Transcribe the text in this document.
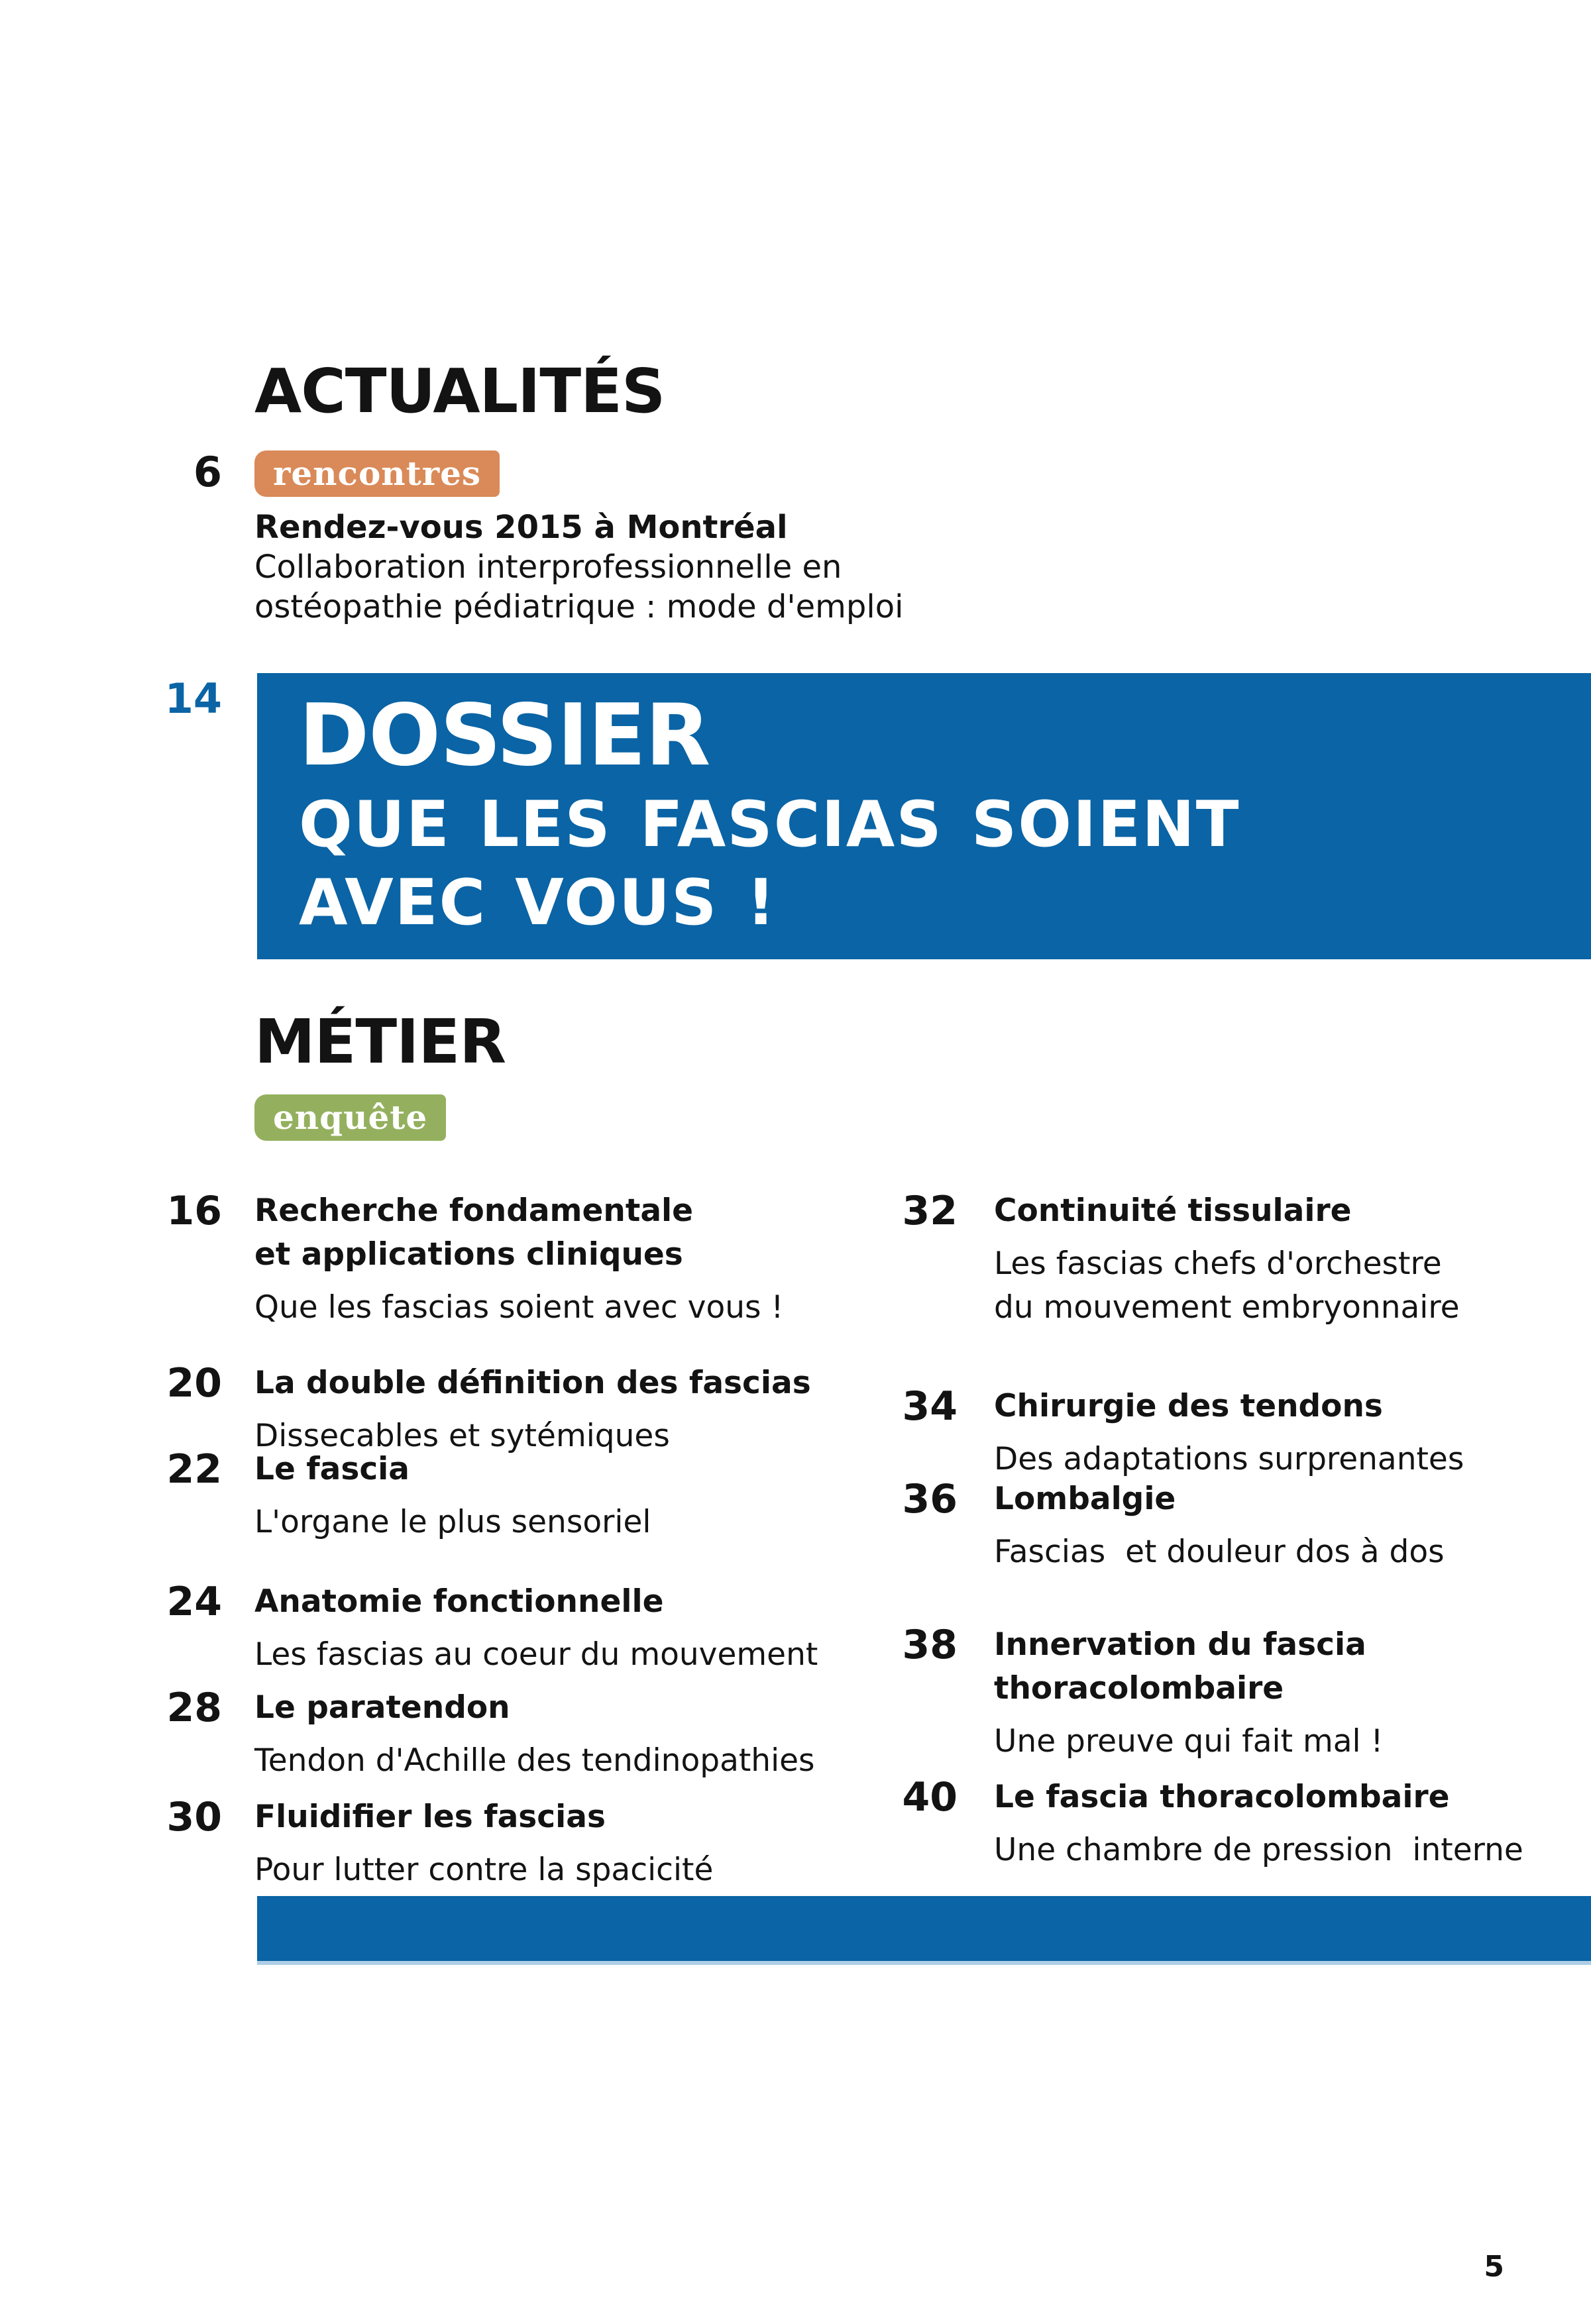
ACTUALITÉS
6	rencontres
Rendez-vous 2015 à Montréal
Collaboration interprofessionnelle en
ostéopathie pédiatrique : mode d'emploi
14 DOSSIER
QUE LES FASCIAS SOIENT
AVEC VOUS !
MÉTIER
enquête
16 Recherche fondamentale
et applications cliniques
Que les fascias soient avec vous !
20 La double définition des fascias
Dissecables et sytémiques
22 Le fascia
L'organe le plus sensoriel
24 Anatomie fonctionnelle
Les fascias au coeur du mouvement
28 Le paratendon
Tendon d'Achille des tendinopathies
30 Fluidifier les fascias
Pour lutter contre la spacicité
32 Continuité tissulaire
Les fascias chefs d'orchestre
du mouvement embryonnaire
34 Chirurgie des tendons
Des adaptations surprenantes
36 Lombalgie
Fascias  et douleur dos à dos
38 Innervation du fascia
thoracolombaire
Une preuve qui fait mal !
40 Le fascia thoracolombaire
Une chambre de pression  interne
5
